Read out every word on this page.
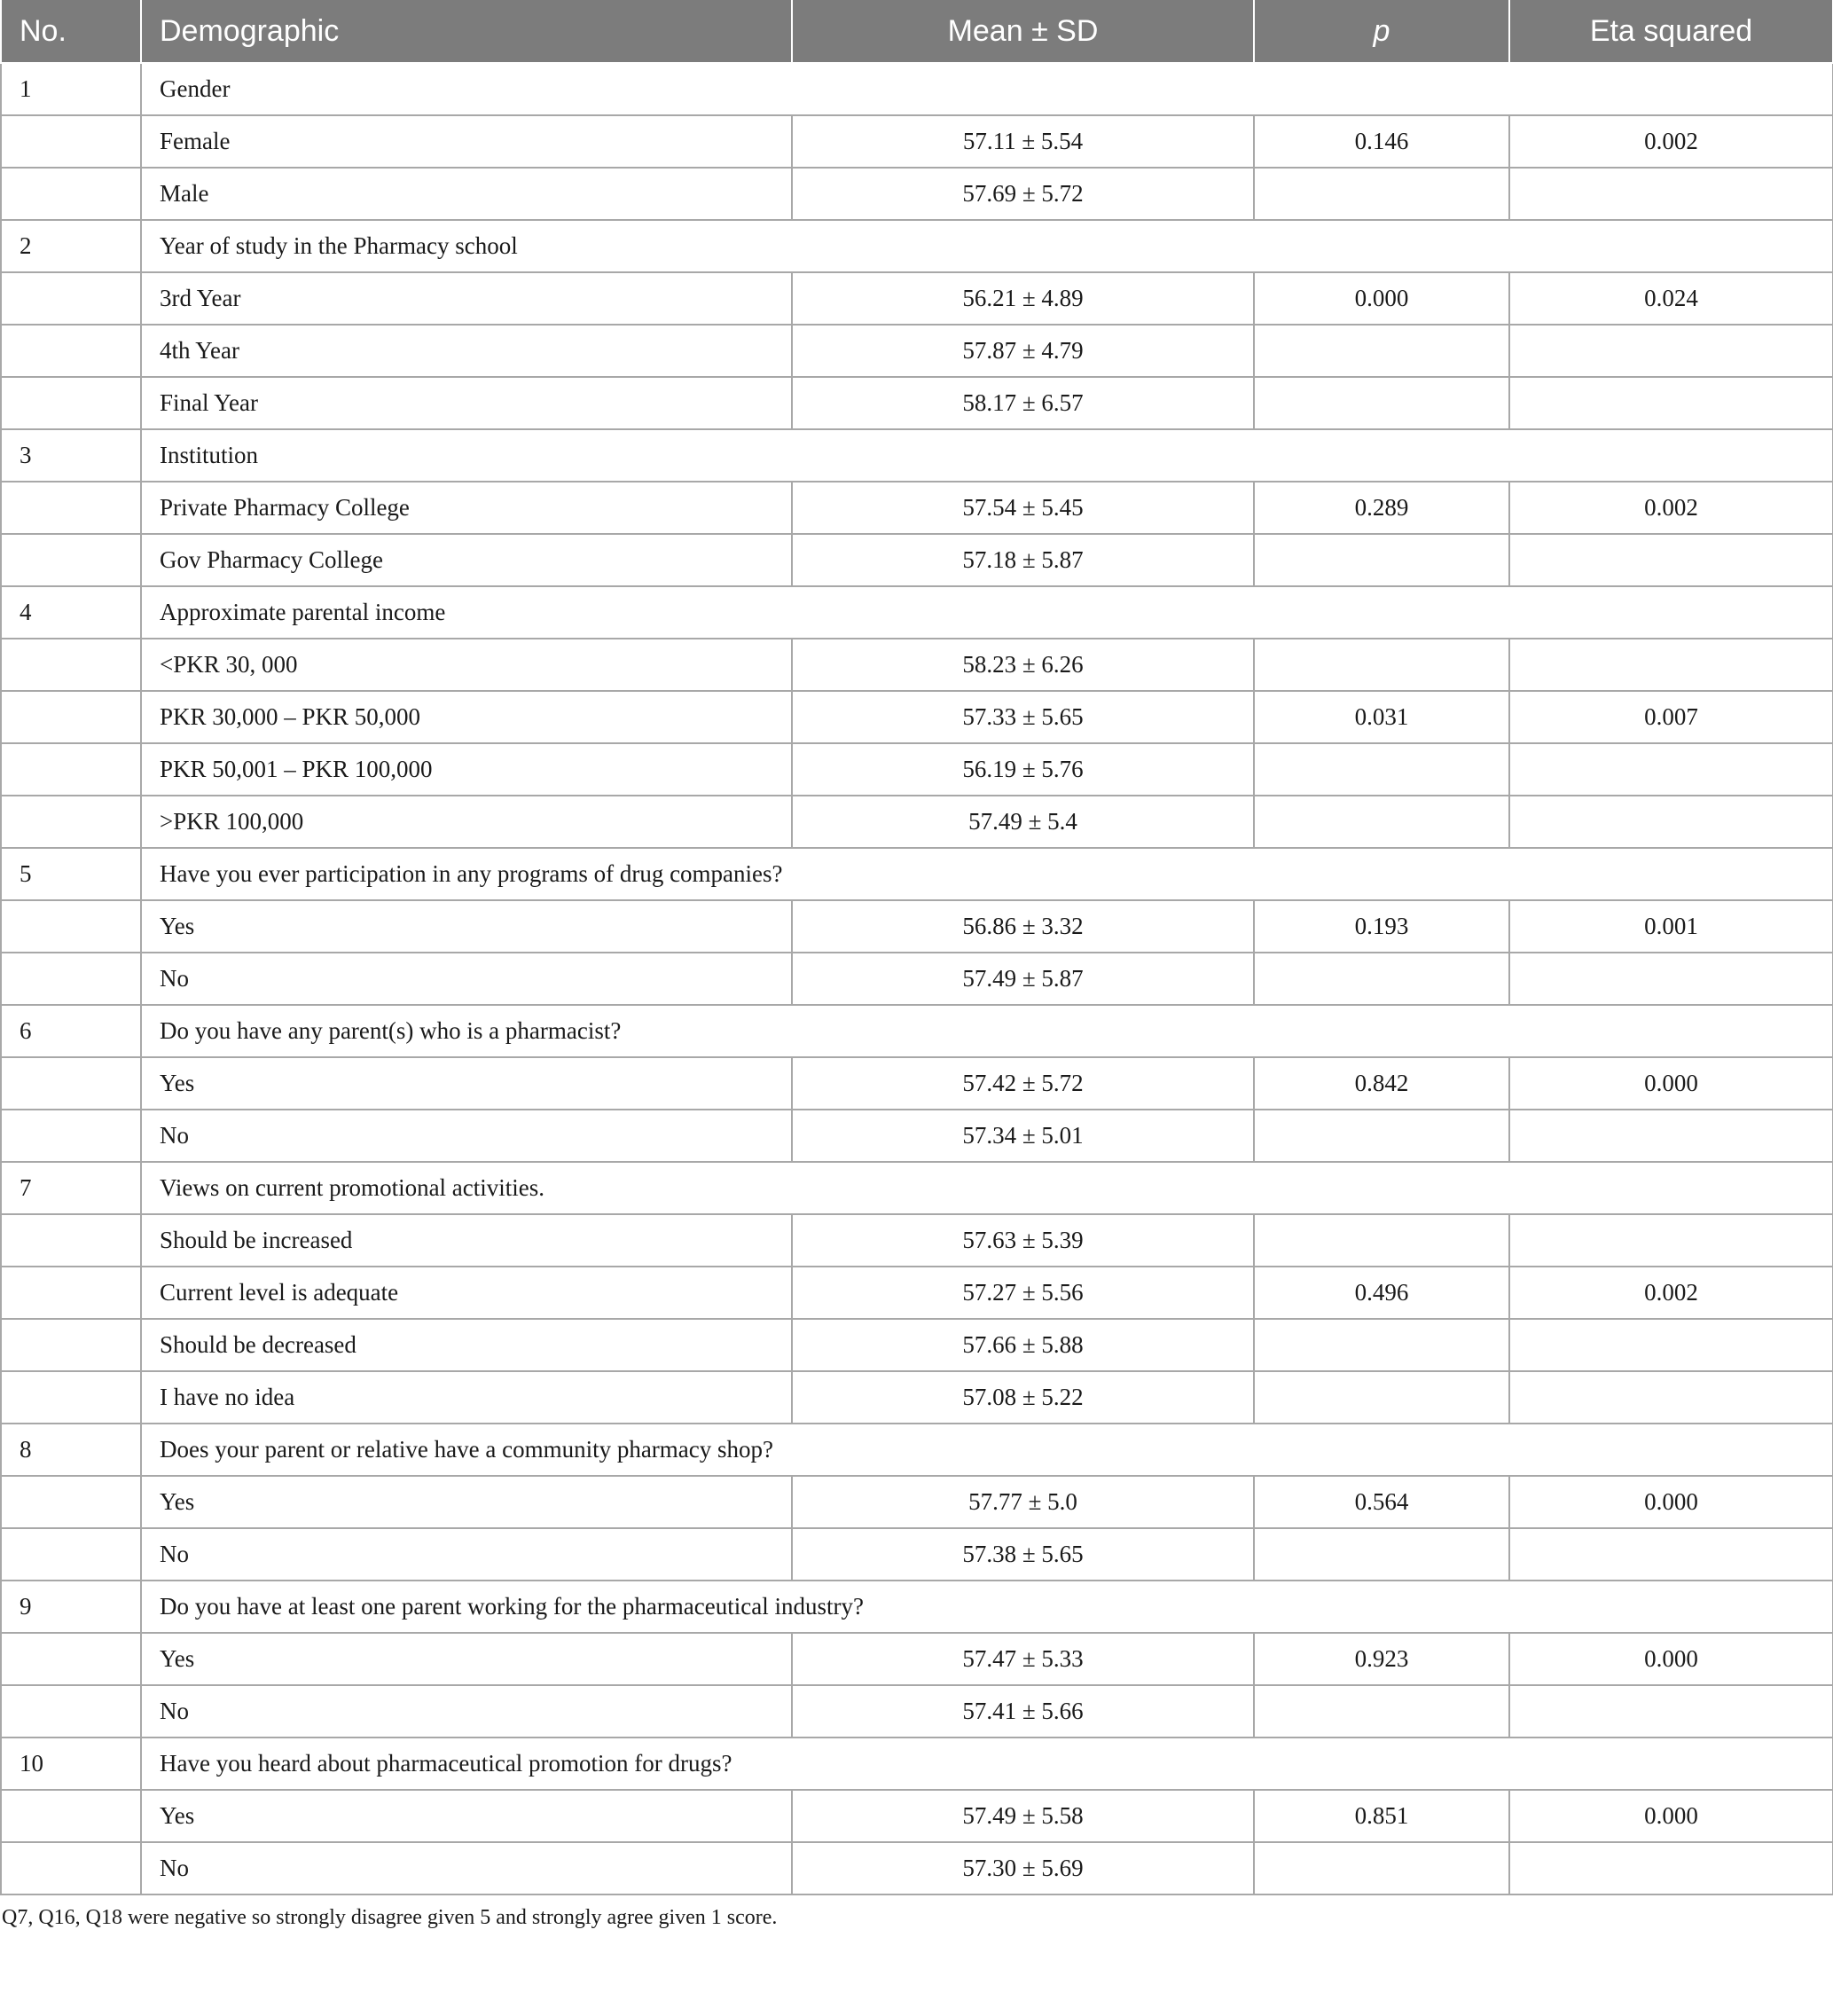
No.	Demographic	Mean ± SD	p	Eta squared
1	Gender			
	Female	57.11 ± 5.54	0.146	0.002
	Male	57.69 ± 5.72		
2	Year of study in the Pharmacy school			
	3rd Year	56.21 ± 4.89	0.000	0.024
	4th Year	57.87 ± 4.79		
	Final Year	58.17 ± 6.57		
3	Institution			
	Private Pharmacy College	57.54 ± 5.45	0.289	0.002
	Gov Pharmacy College	57.18 ± 5.87		
4	Approximate parental income			
	<PKR 30, 000	58.23 ± 6.26		
	PKR 30,000 – PKR 50,000	57.33 ± 5.65	0.031	0.007
	PKR 50,001 – PKR 100,000	56.19 ± 5.76		
	>PKR 100,000	57.49 ± 5.4		
5	Have you ever participation in any programs of drug companies?			
	Yes	56.86 ± 3.32	0.193	0.001
	No	57.49 ± 5.87		
6	Do you have any parent(s) who is a pharmacist?			
	Yes	57.42 ± 5.72	0.842	0.000
	No	57.34 ± 5.01		
7	Views on current promotional activities.			
	Should be increased	57.63 ± 5.39		
	Current level is adequate	57.27 ± 5.56	0.496	0.002
	Should be decreased	57.66 ± 5.88		
	I have no idea	57.08 ± 5.22		
8	Does your parent or relative have a community pharmacy shop?			
	Yes	57.77 ± 5.0	0.564	0.000
	No	57.38 ± 5.65		
9	Do you have at least one parent working for the pharmaceutical industry?			
	Yes	57.47 ± 5.33	0.923	0.000
	No	57.41 ± 5.66		
10	Have you heard about pharmaceutical promotion for drugs?			
	Yes	57.49 ± 5.58	0.851	0.000
	No	57.30 ± 5.69		
Q7, Q16, Q18 were negative so strongly disagree given 5 and strongly agree given 1 score.
